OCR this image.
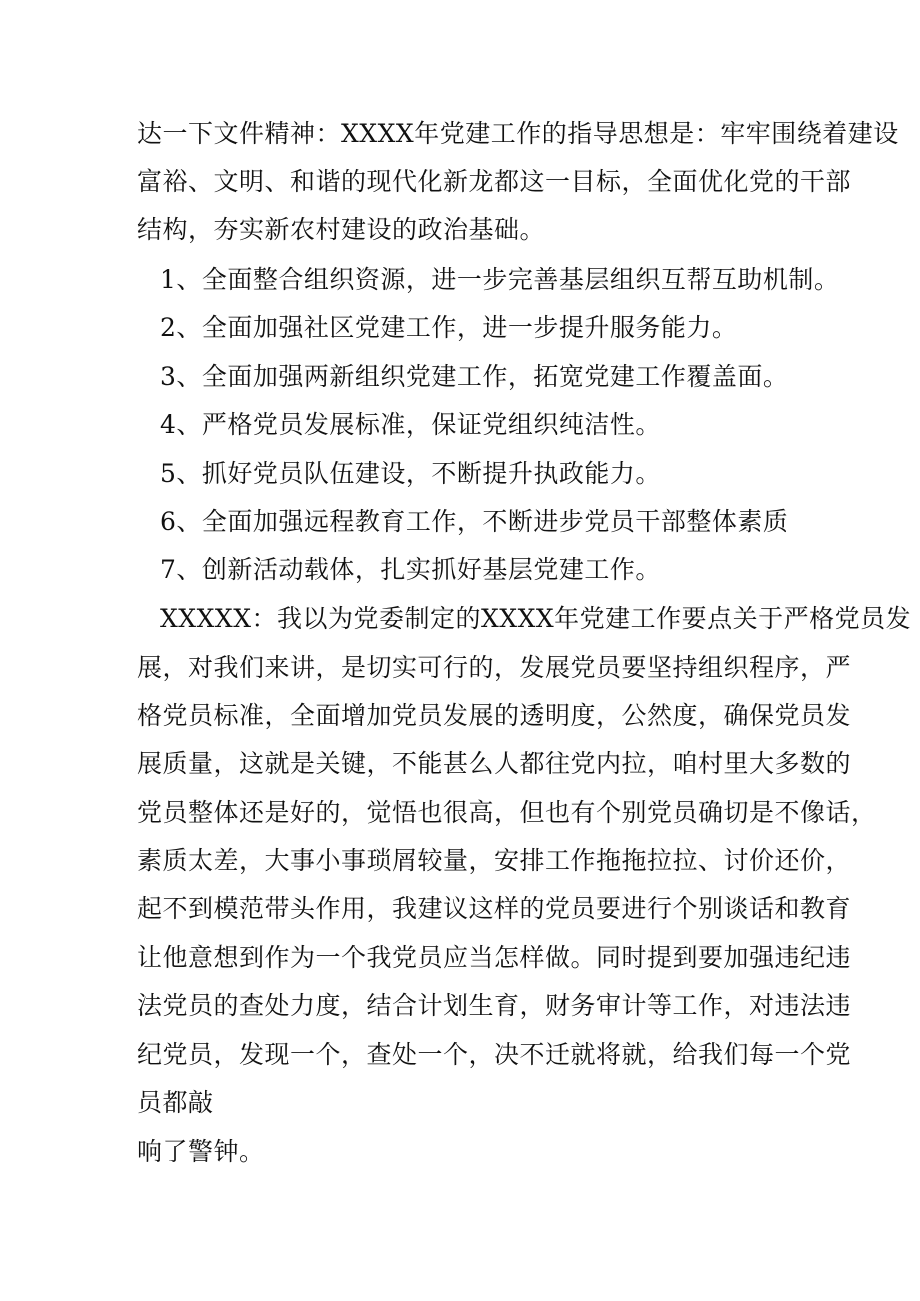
达一下文件精神：XXXX年党建工作的指导思想是：牢牢围绕着建设
富裕、文明、和谐的现代化新龙都这一目标，全面优化党的干部
结构，夯实新农村建设的政治基础。
1、全面整合组织资源，进一步完善基层组织互帮互助机制。
2、全面加强社区党建工作，进一步提升服务能力。
3、全面加强两新组织党建工作，拓宽党建工作覆盖面。
4、严格党员发展标准，保证党组织纯洁性。
5、抓好党员队伍建设，不断提升执政能力。
6、全面加强远程教育工作，不断进步党员干部整体素质
7、创新活动载体，扎实抓好基层党建工作。
XXXXX：我以为党委制定的XXXX年党建工作要点关于严格党员发
展，对我们来讲，是切实可行的，发展党员要坚持组织程序，严
格党员标准，全面增加党员发展的透明度，公然度，确保党员发
展质量，这就是关键，不能甚么人都往党内拉，咱村里大多数的
党员整体还是好的，觉悟也很高，但也有个别党员确切是不像话，
素质太差，大事小事琐屑较量，安排工作拖拖拉拉、讨价还价，
起不到模范带头作用，我建议这样的党员要进行个别谈话和教育
让他意想到作为一个我党员应当怎样做。同时提到要加强违纪违
法党员的查处力度，结合计划生育，财务审计等工作，对违法违
纪党员，发现一个，查处一个，决不迁就将就，给我们每一个党
员都敲
响了警钟。
